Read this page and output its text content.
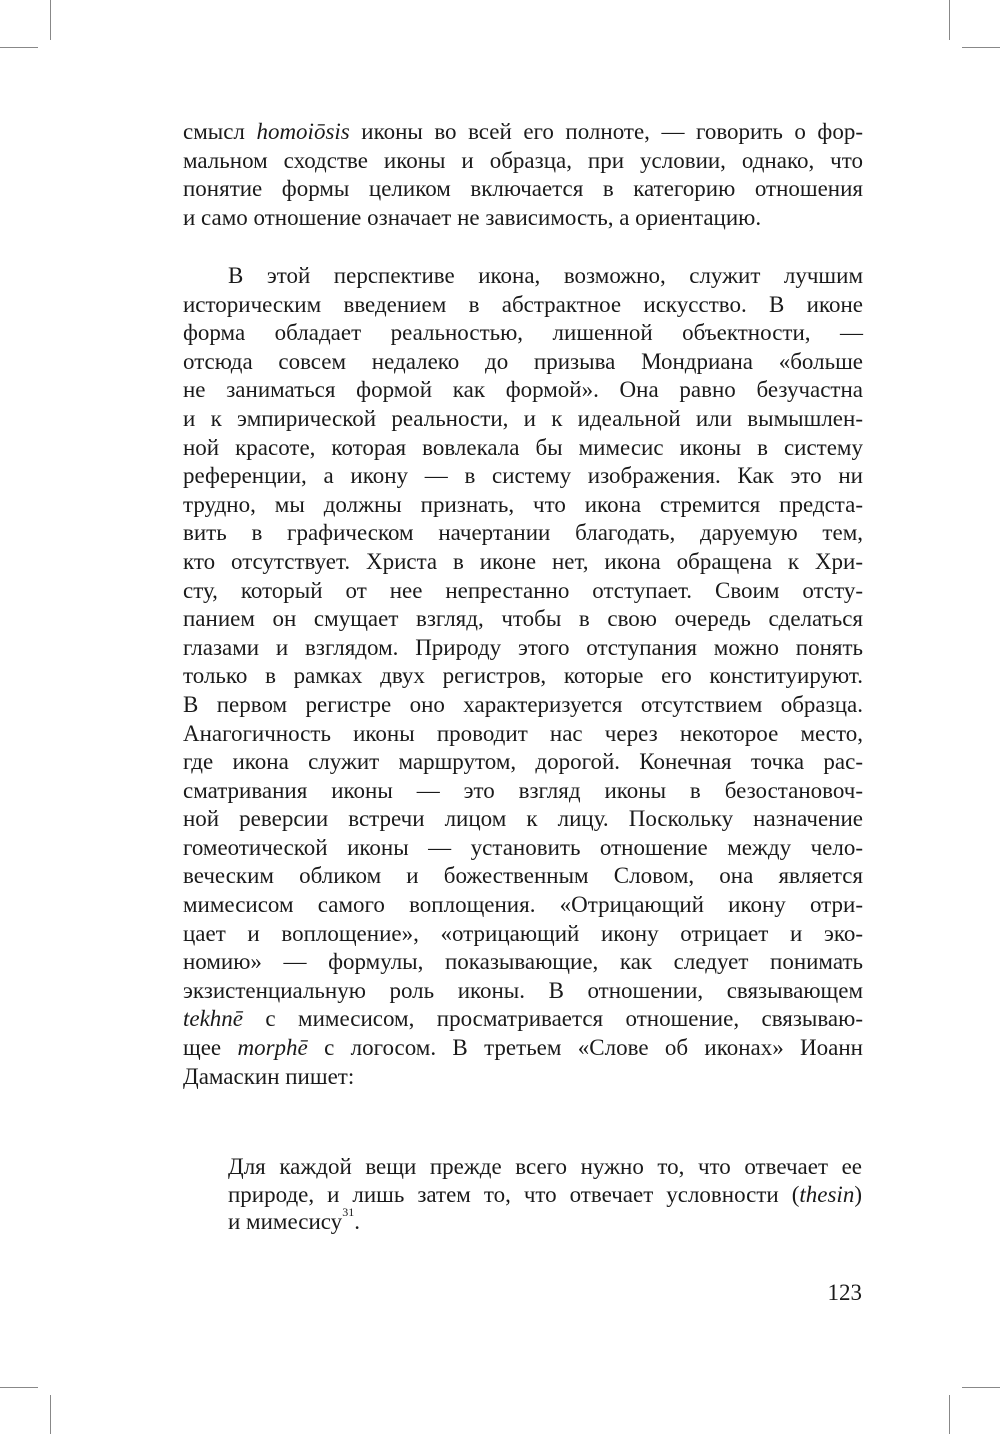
смысл homoiōsis иконы во всей его полноте, — говорить о фор-
мальном сходстве иконы и образца, при условии, однако, что
понятие формы целиком включается в категорию отношения
и само отношение означает не зависимость, а ориентацию.
В этой перспективе икона, возможно, служит лучшим
историческим введением в абстрактное искусство. В иконе
форма обладает реальностью, лишенной объектности, —
отсюда совсем недалеко до призыва Мондриана «больше
не заниматься формой как формой». Она равно безучастна
и к эмпирической реальности, и к идеальной или вымышлен-
ной красоте, которая вовлекала бы мимесис иконы в систему
референции, а икону — в систему изображения. Как это ни
трудно, мы должны признать, что икона стремится предста-
вить в графическом начертании благодать, даруемую тем,
кто отсутствует. Христа в иконе нет, икона обращена к Хри-
сту, который от нее непрестанно отступает. Своим отсту-
панием он смущает взгляд, чтобы в свою очередь сделаться
глазами и взглядом. Природу этого отступания можно понять
только в рамках двух регистров, которые его конституируют.
В первом регистре оно характеризуется отсутствием образца.
Анагогичность иконы проводит нас через некоторое место,
где икона служит маршрутом, дорогой. Конечная точка рас-
сматривания иконы — это взгляд иконы в безостановоч-
ной реверсии встречи лицом к лицу. Поскольку назначение
гомеотической иконы — установить отношение между чело-
веческим обликом и божественным Словом, она является
мимесисом самого воплощения. «Отрицающий икону отри-
цает и воплощение», «отрицающий икону отрицает и эко-
номию» — формулы, показывающие, как следует понимать
экзистенциальную роль иконы. В отношении, связывающем
tekhnē с мимесисом, просматривается отношение, связываю-
щее morphē с логосом. В третьем «Слове об иконах» Иоанн
Дамаскин пишет:
Для каждой вещи прежде всего нужно то, что отвечает ее
природе, и лишь затем то, что отвечает условности (thesin)
и мимесису$^{31}$.
123
